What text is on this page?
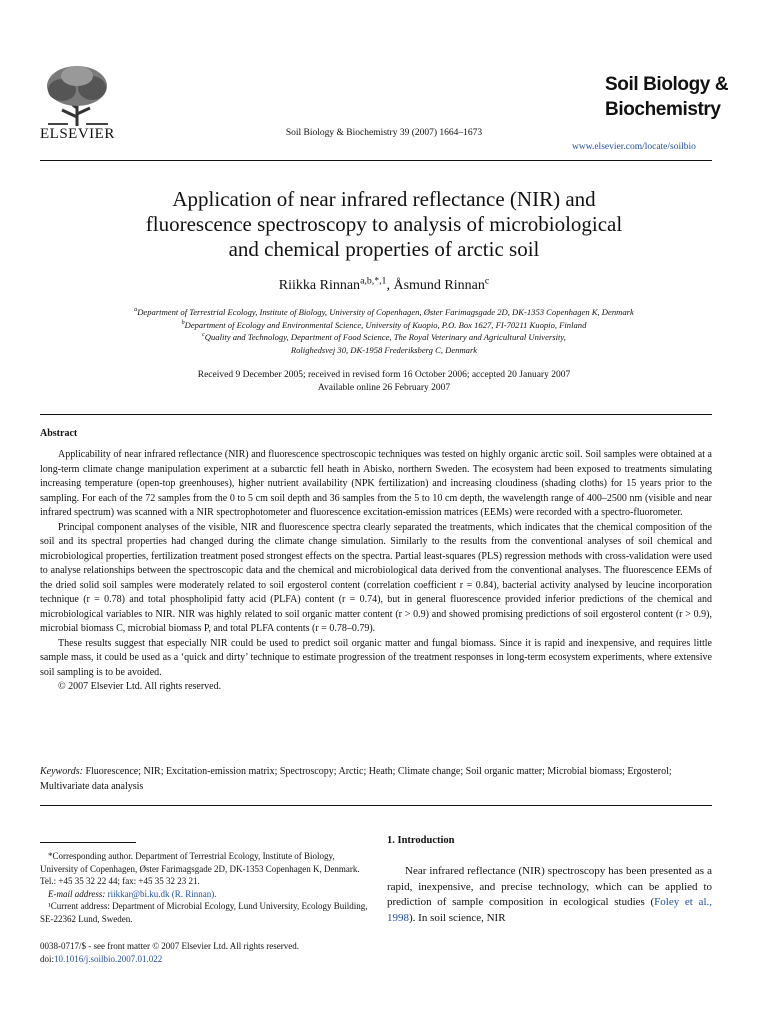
ELSEVIER	Soil Biology & Biochemistry 39 (2007) 1664–1673
Soil Biology &
Biochemistry
www.elsevier.com/locate/soilbio
Application of near infrared reflectance (NIR) and
fluorescence spectroscopy to analysis of microbiological
and chemical properties of arctic soil
Riikka Rinnan$^{a,b,*,1}$, Åsmund Rinnan$^c$
$^a$Department of Terrestrial Ecology, Institute of Biology, University of Copenhagen, Øster Farimagsgade 2D, DK-1353 Copenhagen K, Denmark
$^b$Department of Ecology and Environmental Science, University of Kuopio, P.O. Box 1627, FI-70211 Kuopio, Finland
$^c$Quality and Technology, Department of Food Science, The Royal Veterinary and Agricultural University,
Rolighedsvej 30, DK-1958 Frederiksberg C, Denmark
Received 9 December 2005; received in revised form 16 October 2006; accepted 20 January 2007
Available online 26 February 2007
Abstract

Applicability of near infrared reflectance (NIR) and fluorescence spectroscopic techniques was tested on highly organic arctic soil. Soil samples were obtained at a long-term climate change manipulation experiment at a subarctic fell heath in Abisko, northern Sweden. The ecosystem had been exposed to treatments simulating increasing temperature (open-top greenhouses), higher nutrient availability (NPK fertilization) and increasing cloudiness (shading cloths) for 15 years prior to the sampling. For each of the 72 samples from the 0 to 5 cm soil depth and 36 samples from the 5 to 10 cm depth, the wavelength range of 400–2500 nm (visible and near infrared spectrum) was scanned with a NIR spectrophotometer and fluorescence excitation-emission matrices (EEMs) were recorded with a spectro-fluorometer.

Principal component analyses of the visible, NIR and fluorescence spectra clearly separated the treatments, which indicates that the chemical composition of the soil and its spectral properties had changed during the climate change simulation. Similarly to the results from the conventional analyses of soil chemical and microbiological properties, fertilization treatment posed strongest effects on the spectra. Partial least-squares (PLS) regression methods with cross-validation were used to analyse relationships between the spectroscopic data and the chemical and microbiological data derived from the conventional analyses. The fluorescence EEMs of the dried solid soil samples were moderately related to soil ergosterol content (correlation coefficient r = 0.84), bacterial activity analysed by leucine incorporation technique (r = 0.78) and total phospholipid fatty acid (PLFA) content (r = 0.74), but in general fluorescence provided inferior predictions of the chemical and microbiological variables to NIR. NIR was highly related to soil organic matter content (r > 0.9) and showed promising predictions of soil ergosterol content (r > 0.9), microbial biomass C, microbial biomass P, and total PLFA contents (r = 0.78–0.79).

These results suggest that especially NIR could be used to predict soil organic matter and fungal biomass. Since it is rapid and inexpensive, and requires little sample mass, it could be used as a ‘quick and dirty’ technique to estimate progression of the treatment responses in long-term ecosystem experiments, where extensive soil sampling is to be avoided.

© 2007 Elsevier Ltd. All rights reserved.

Keywords: Fluorescence; NIR; Excitation-emission matrix; Spectroscopy; Arctic; Heath; Climate change; Soil organic matter; Microbial biomass; Ergosterol; Multivariate data analysis

*Corresponding author. Department of Terrestrial Ecology, Institute of Biology, University of Copenhagen, Øster Farimagsgade 2D, DK-1353 Copenhagen K, Denmark. Tel.: +45 35 32 22 44; fax: +45 35 32 23 21.

E-mail address: riikkar@bi.ku.dk (R. Rinnan).

¹Current address: Department of Microbial Ecology, Lund University, Ecology Building, SE-22362 Lund, Sweden.

0038-0717/$ - see front matter © 2007 Elsevier Ltd. All rights reserved.
doi:10.1016/j.soilbio.2007.01.022
1. Introduction
Near infrared reflectance (NIR) spectroscopy has been presented as a rapid, inexpensive, and precise technology, which can be applied to prediction of sample composition in ecological studies (Foley et al., 1998). In soil science, NIR
